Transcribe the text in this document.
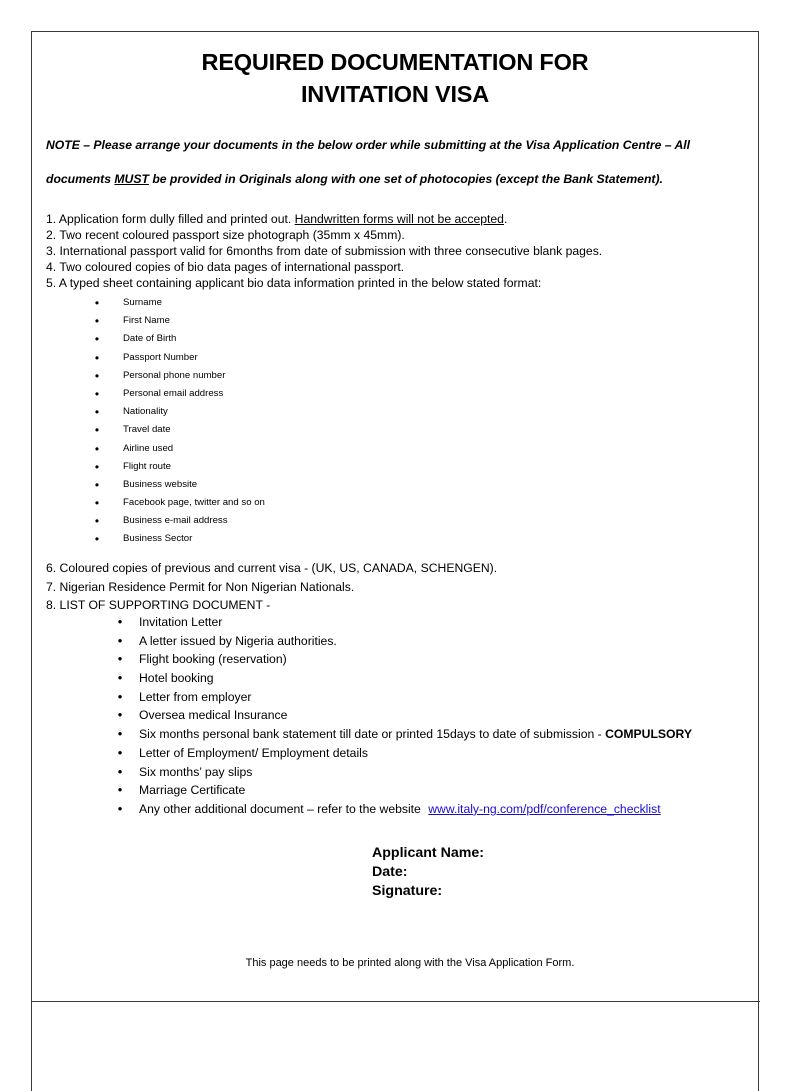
REQUIRED DOCUMENTATION FOR
INVITATION VISA
NOTE – Please arrange your documents in the below order while submitting at the Visa Application Centre – All
documents MUST be provided in Originals along with one set of photocopies (except the Bank Statement).
1. Application form dully filled and printed out. Handwritten forms will not be accepted.
2. Two recent coloured passport size photograph (35mm x 45mm).
3. International passport valid for 6months from date of submission with three consecutive blank pages.
4. Two coloured copies of bio data pages of international passport.
5. A typed sheet containing applicant bio data information printed in the below stated format:
•	Surname
•	First Name
•	Date of Birth
•	Passport Number
•	Personal phone number
•	Personal email address
•	Nationality
•	Travel date
•	Airline used
•	Flight route
•	Business website
•	Facebook page, twitter and so on
•	Business e-mail address
•	Business Sector
6. Coloured copies of previous and current visa - (UK, US, CANADA, SCHENGEN).
7. Nigerian Residence Permit for Non Nigerian Nationals.
8. LIST OF SUPPORTING DOCUMENT -
•	Invitation Letter
•	A letter issued by Nigeria authorities.
•	Flight booking (reservation)
•	Hotel booking
•	Letter from employer
•	Oversea medical Insurance
•	Six months personal bank statement till date or printed 15days to date of submission - COMPULSORY
•	Letter of Employment/ Employment details
•	Six months’ pay slips
•	Marriage Certificate
•	Any other additional document – refer to the website www.italy-ng.com/pdf/conference_checklist
Applicant Name:
Date:
Signature:
This page needs to be printed along with the Visa Application Form.
